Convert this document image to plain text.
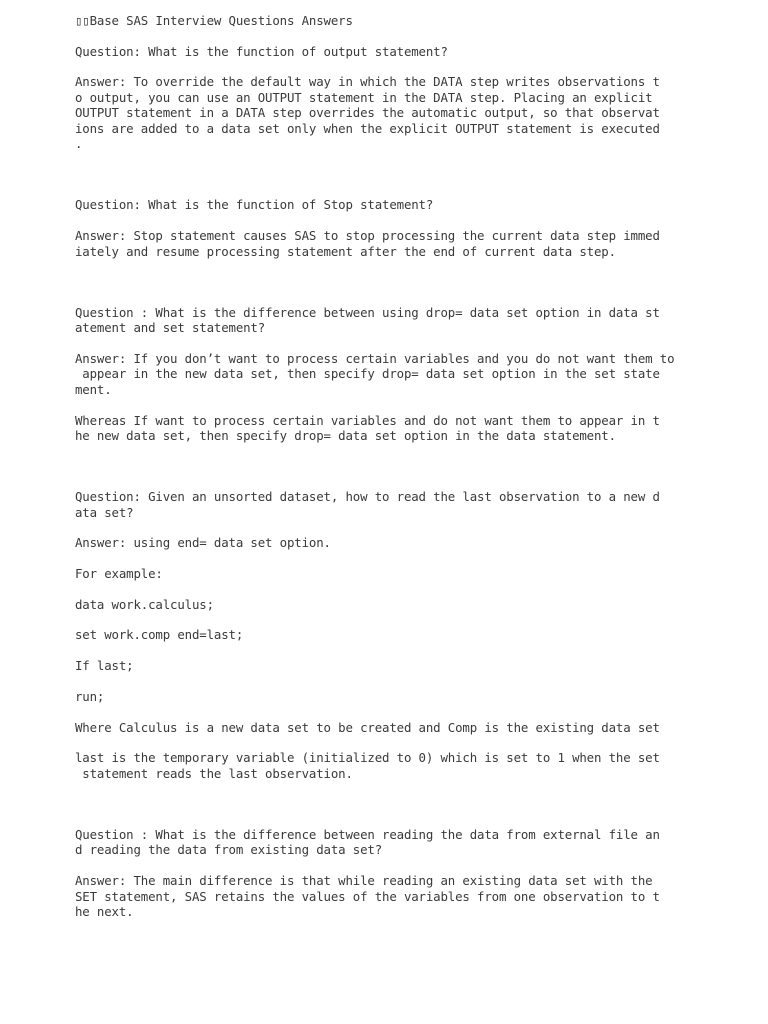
▯▯Base SAS Interview Questions Answers

Question: What is the function of output statement?

Answer: To override the default way in which the DATA step writes observations t

o output, you can use an OUTPUT statement in the DATA step. Placing an explicit

OUTPUT statement in a DATA step overrides the automatic output, so that observat

ions are added to a data set only when the explicit OUTPUT statement is executed

.

Question: What is the function of Stop statement?

Answer: Stop statement causes SAS to stop processing the current data step immed

iately and resume processing statement after the end of current data step.

Question : What is the difference between using drop= data set option in data st

atement and set statement?

Answer: If you don’t want to process certain variables and you do not want them to

appear in the new data set, then specify drop= data set option in the set state

ment.

Whereas If want to process certain variables and do not want them to appear in t

he new data set, then specify drop= data set option in the data statement.

Question: Given an unsorted dataset, how to read the last observation to a new d

ata set?

Answer: using end= data set option.

For example:

data work.calculus;

set work.comp end=last;

If last;

run;

Where Calculus is a new data set to be created and Comp is the existing data set

last is the temporary variable (initialized to 0) which is set to 1 when the set

statement reads the last observation.

Question : What is the difference between reading the data from external file an

d reading the data from existing data set?

Answer: The main difference is that while reading an existing data set with the

SET statement, SAS retains the values of the variables from one observation to t

he next.
